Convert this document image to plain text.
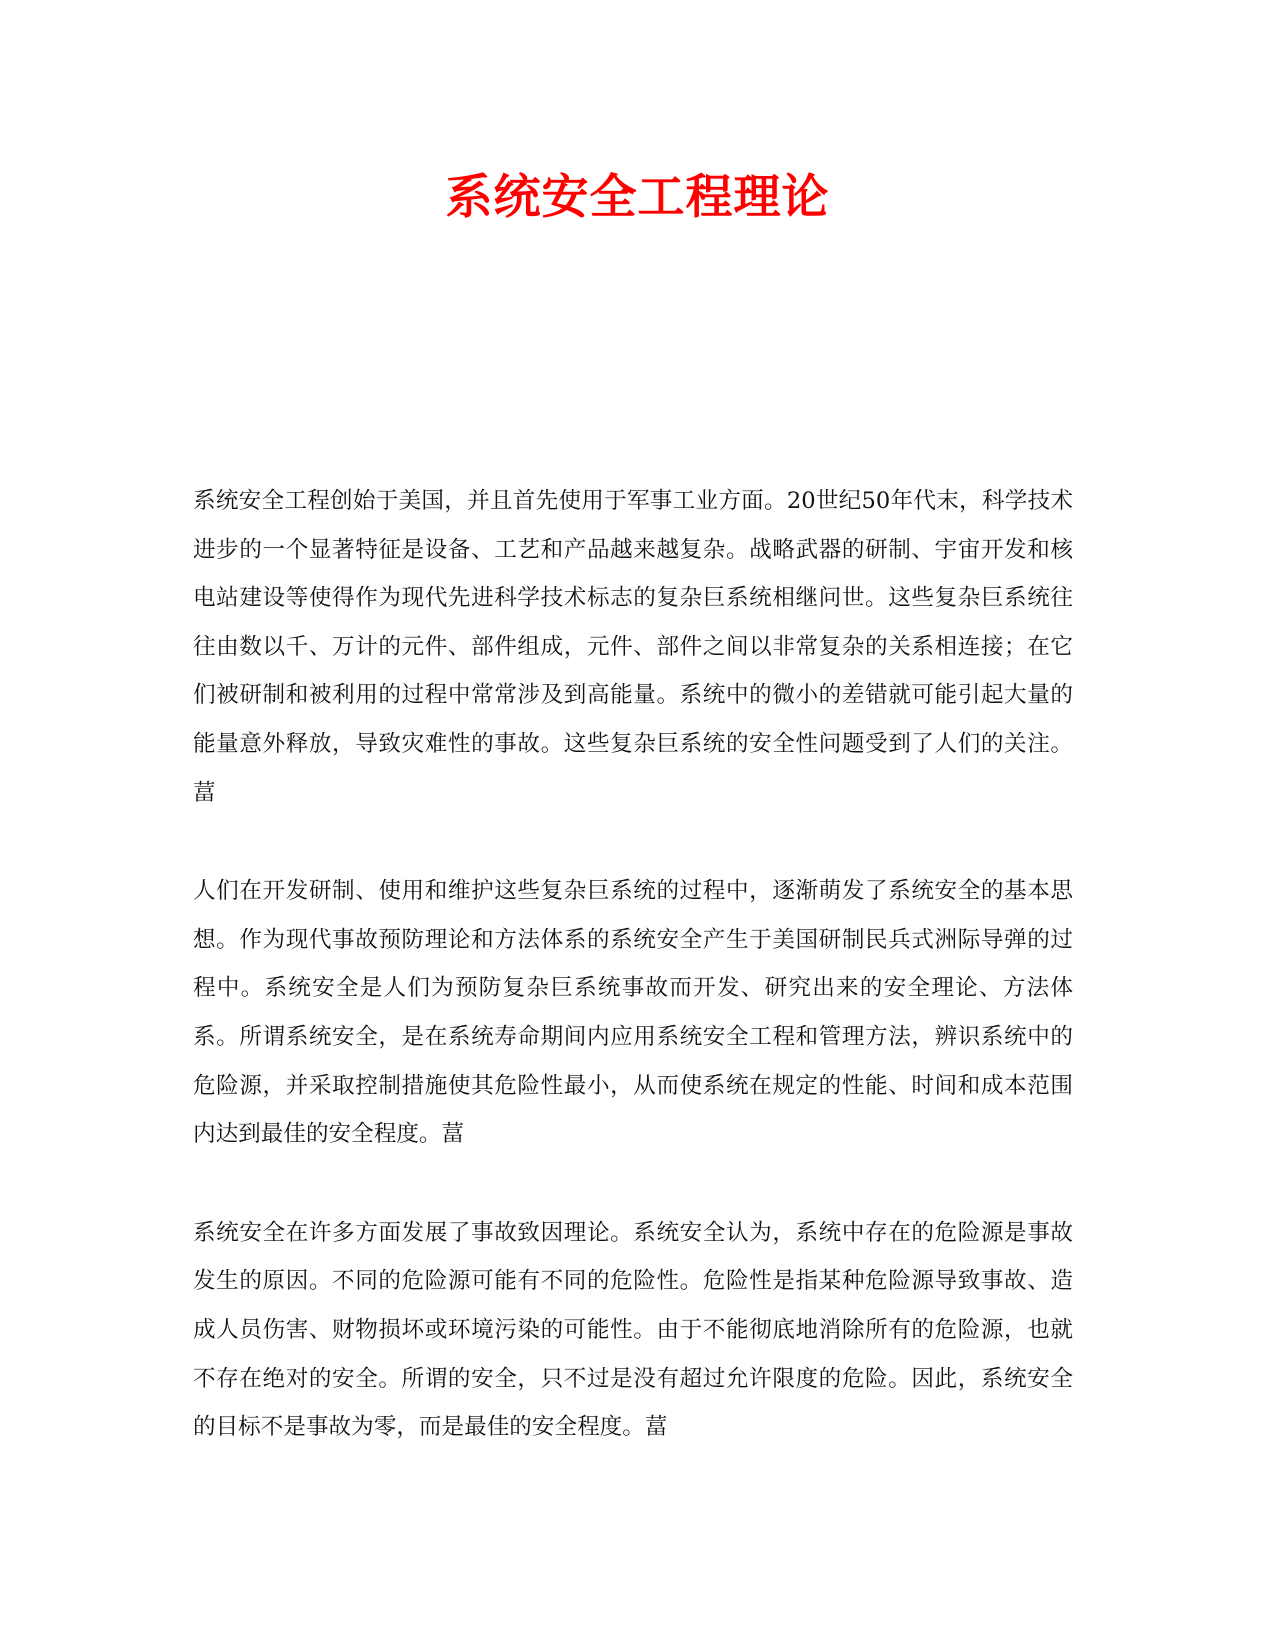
系统安全工程理论

系统安全工程创始于美国，并且首先使用于军事工业方面。20世纪50年代末，科学技术进步的一个显著特征是设备、工艺和产品越来越复杂。战略武器的研制、宇宙开发和核电站建设等使得作为现代先进科学技术标志的复杂巨系统相继问世。这些复杂巨系统往往由数以千、万计的元件、部件组成，元件、部件之间以非常复杂的关系相连接；在它们被研制和被利用的过程中常常涉及到高能量。系统中的微小的差错就可能引起大量的能量意外释放，导致灾难性的事故。这些复杂巨系统的安全性问题受到了人们的关注。葍

人们在开发研制、使用和维护这些复杂巨系统的过程中，逐渐萌发了系统安全的基本思想。作为现代事故预防理论和方法体系的系统安全产生于美国研制民兵式洲际导弹的过程中。系统安全是人们为预防复杂巨系统事故而开发、研究出来的安全理论、方法体系。所谓系统安全，是在系统寿命期间内应用系统安全工程和管理方法，辨识系统中的危险源，并采取控制措施使其危险性最小，从而使系统在规定的性能、时间和成本范围内达到最佳的安全程度。葍

系统安全在许多方面发展了事故致因理论。系统安全认为，系统中存在的危险源是事故发生的原因。不同的危险源可能有不同的危险性。危险性是指某种危险源导致事故、造成人员伤害、财物损坏或环境污染的可能性。由于不能彻底地消除所有的危险源，也就不存在绝对的安全。所谓的安全，只不过是没有超过允许限度的危险。因此，系统安全的目标不是事故为零，而是最佳的安全程度。葍
